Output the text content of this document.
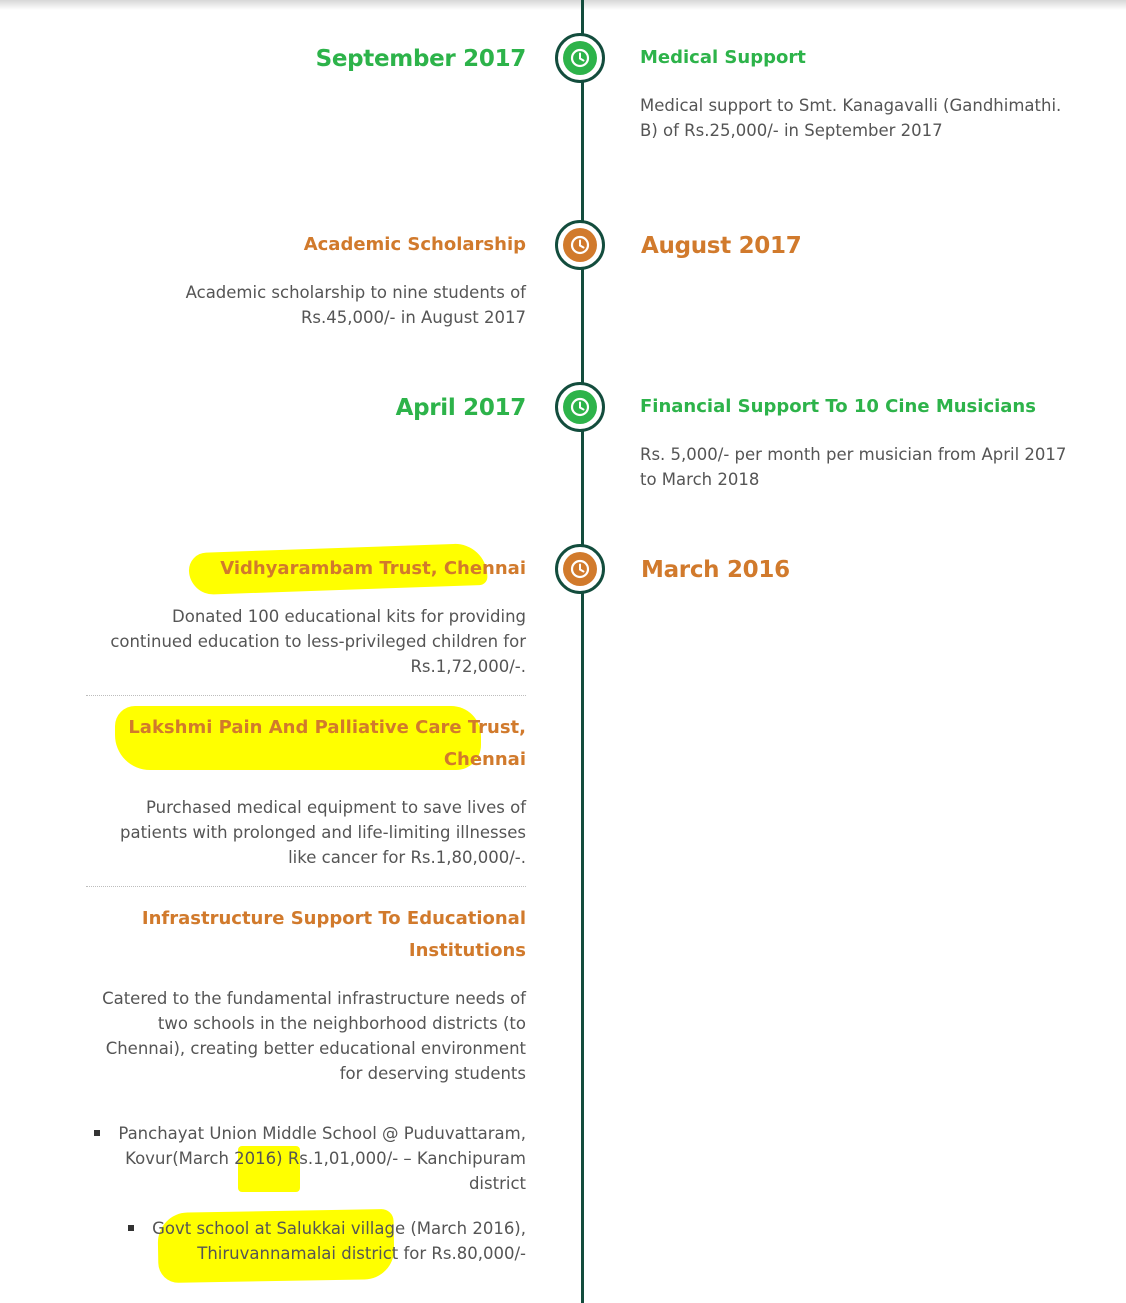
September 2017	Medical Support
Medical support to Smt. Kanagavalli (Gandhimathi. B) of Rs.25,000/- in September 2017
Academic Scholarship
Academic scholarship to nine students of Rs.45,000/- in August 2017
August 2017
April 2017	Financial Support To 10 Cine Musicians
Rs. 5,000/- per month per musician from April 2017 to March 2018
March 2016
Vidhyarambam Trust, Chennai
Donated 100 educational kits for providing continued education to less-privileged children for Rs.1,72,000/-.
Lakshmi Pain And Palliative Care Trust, Chennai
Purchased medical equipment to save lives of patients with prolonged and life-limiting illnesses like cancer for Rs.1,80,000/-.
Infrastructure Support To Educational Institutions
Catered to the fundamental infrastructure needs of two schools in the neighborhood districts (to Chennai), creating better educational environment for deserving students
Panchayat Union Middle School @ Puduvattaram, Kovur(March 2016) Rs.1,01,000/- – Kanchipuram district
Govt school at Salukkai village (March 2016), Thiruvannamalai district for Rs.80,000/-
